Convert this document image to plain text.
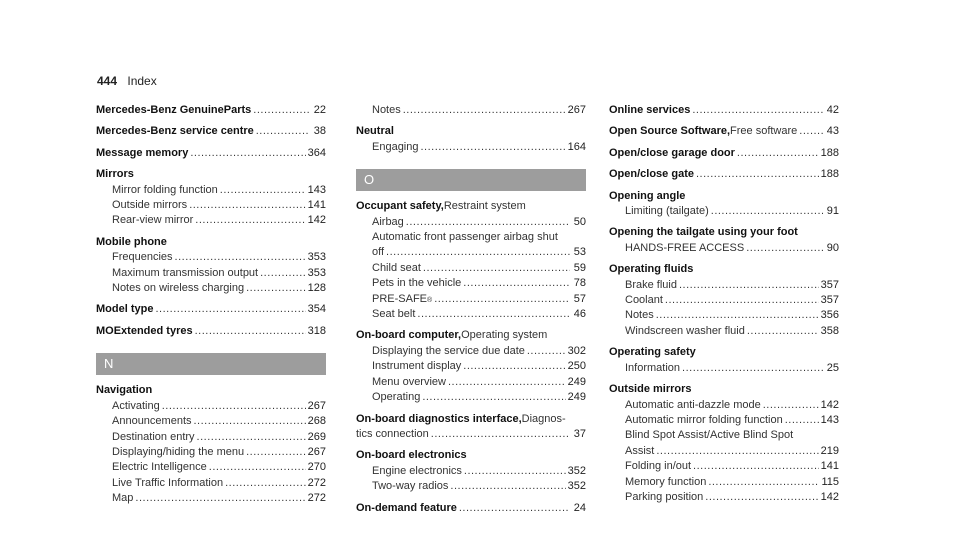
444 Index
Mercedes-Benz GenuineParts .....	22
Mercedes-Benz service centre .....	38
Message memory .....	364
Mirrors
Mirror folding function .....	143
Outside mirrors .....	141
Rear-view mirror .....	142
Mobile phone
Frequencies .....	353
Maximum transmission output .....	353
Notes on wireless charging .....	128
Model type .....	354
MOExtended tyres .....	318
N
Navigation
Activating .....	267
Announcements .....	268
Destination entry .....	269
Displaying/hiding the menu .....	267
Electric Intelligence .....	270
Live Traffic Information .....	272
Map .....	272
Notes .....	267
Neutral
Engaging .....	164
O
Occupant safety, Restraint system
Airbag .....	50
Automatic front passenger airbag shut
off .....	53
Child seat .....	59
Pets in the vehicle .....	78
PRE-SAFE ® .....	57
Seat belt .....	46
On-board computer, Operating system
Displaying the service due date .....	302
Instrument display .....	250
Menu overview .....	249
Operating .....	249
On-board diagnostics interface, Diagnos-
tics connection .....	37
On-board electronics
Engine electronics .....	352
Two-way radios .....	352
On-demand feature .....	24
Online services .....	42
Open Source Software, Free software .....	43
Open/close garage door .....	188
Open/close gate .....	188
Opening angle
Limiting (tailgate) .....	91
Opening the tailgate using your foot
HANDS-FREE ACCESS .....	90
Operating fluids
Brake fluid .....	357
Coolant .....	357
Notes .....	356
Windscreen washer fluid .....	358
Operating safety
Information .....	25
Outside mirrors
Automatic anti-dazzle mode .....	142
Automatic mirror folding function .....	143
Blind Spot Assist/Active Blind Spot
Assist .....	219
Folding in/out .....	141
Memory function .....	115
Parking position .....	142
